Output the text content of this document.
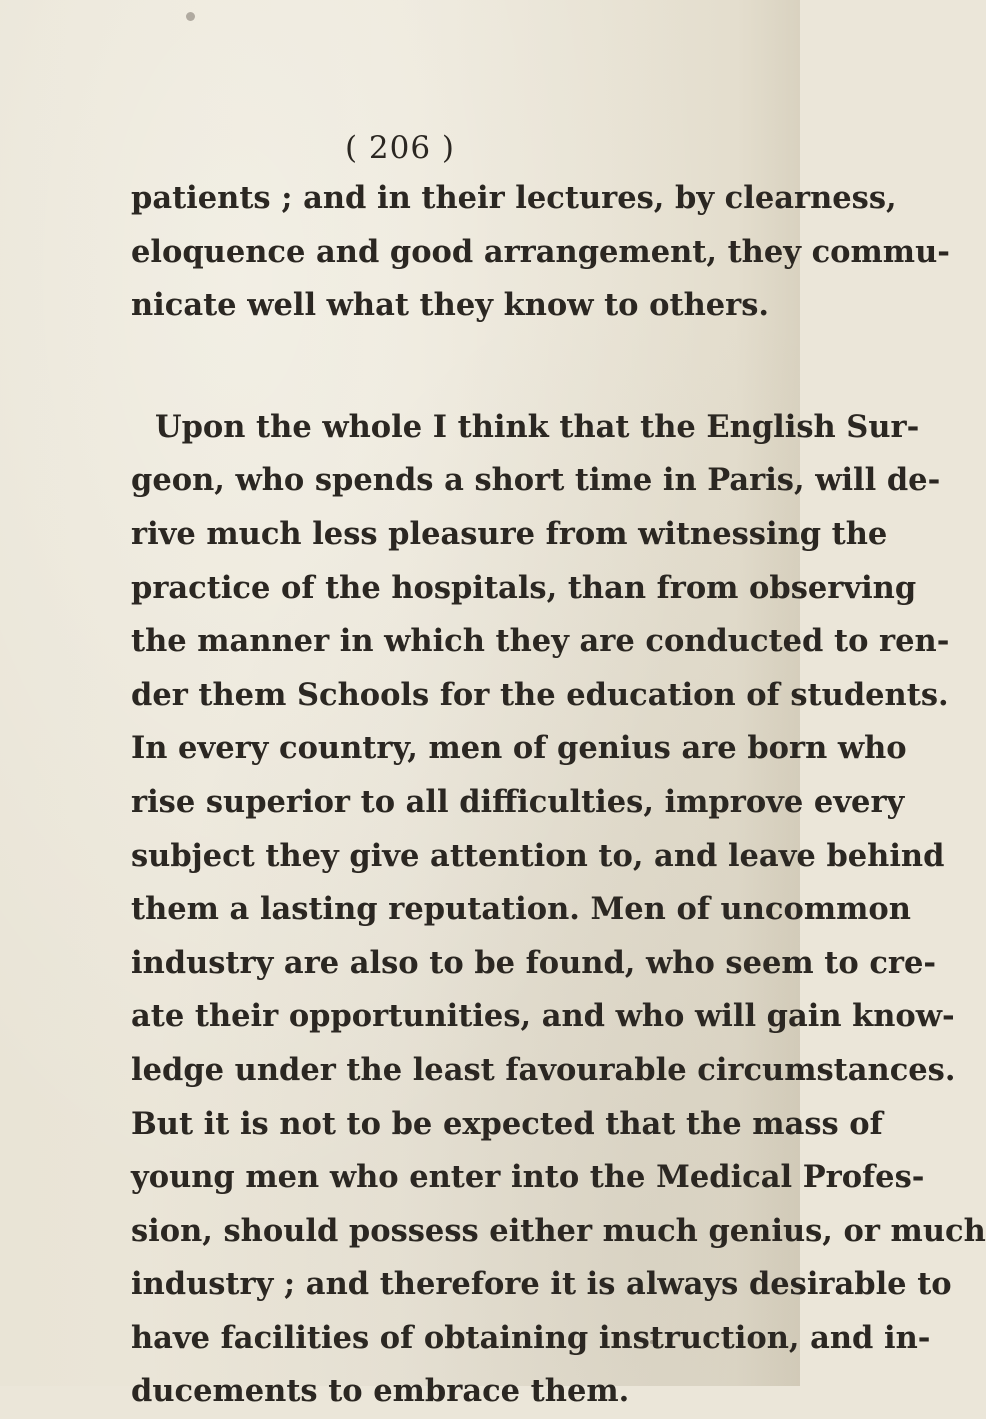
( 206 )
patients ; and in their lectures, by clearness,
eloquence and good arrangement, they commu-
nicate well what they know to others.
Upon the whole I think that the English Sur-
geon, who spends a short time in Paris, will de-
rive much less pleasure from witnessing the
practice of the hospitals, than from observing
the manner in which they are conducted to ren-
der them Schools for the education of students.
In every country, men of genius are born who
rise superior to all difficulties, improve every
subject they give attention to, and leave behind
them a lasting reputation. Men of uncommon
industry are also to be found, who seem to cre-
ate their opportunities, and who will gain know-
ledge under the least favourable circumstances.
But it is not to be expected that the mass of
young men who enter into the Medical Profes-
sion, should possess either much genius, or much
industry ; and therefore it is always desirable to
have facilities of obtaining instruction, and in-
ducements to embrace them.
